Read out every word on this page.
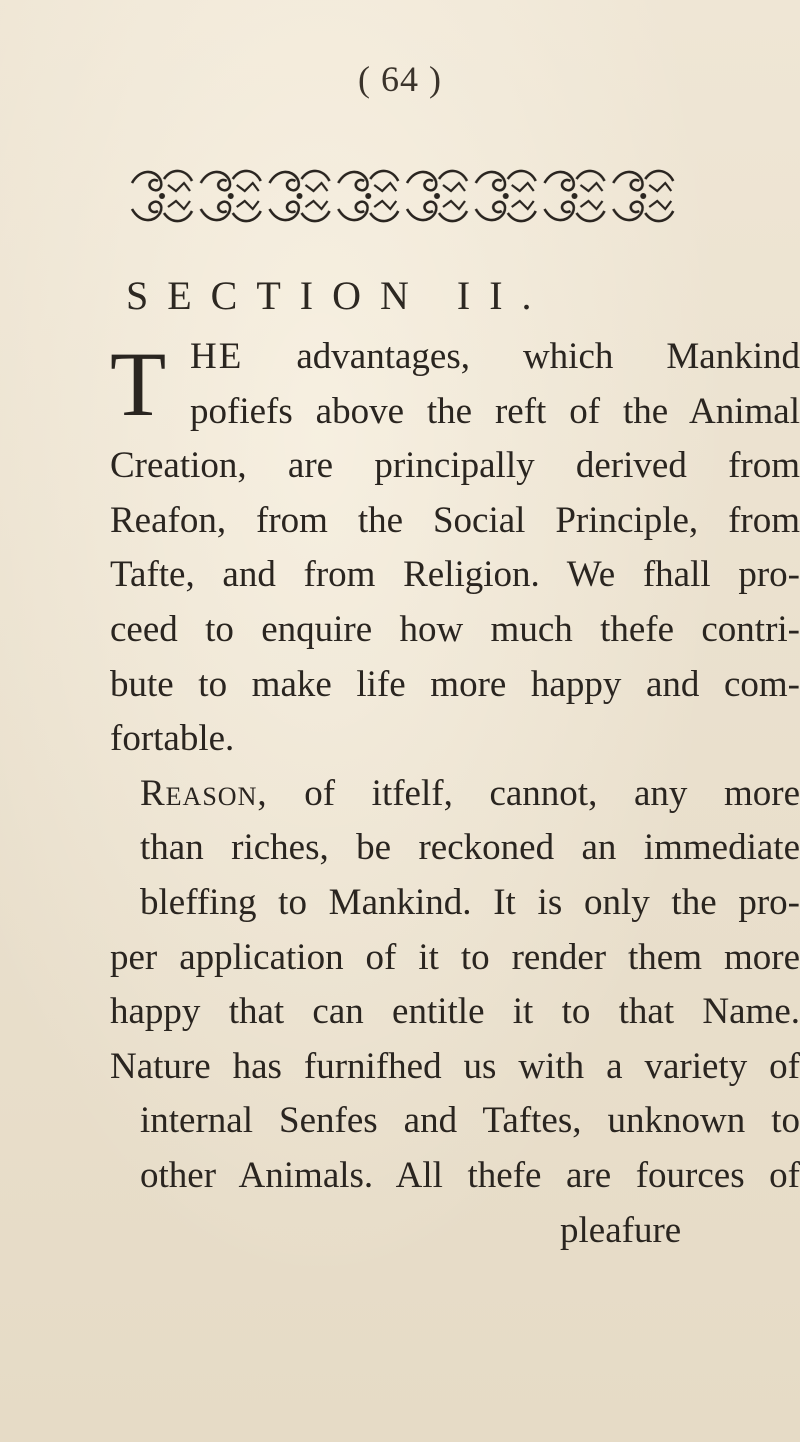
( 64 )
SECTION II.
T HE advantages, which Mankind
pofiefs above the reft of the Animal
Creation, are principally derived from
Reafon, from the Social Principle, from
Tafte, and from Religion. We fhall pro-
ceed to enquire how much thefe contri-
bute to make life more happy and com-
fortable.
Reason, of itfelf, cannot, any more
than riches, be reckoned an immediate
bleffing to Mankind. It is only the pro-
per application of it to render them more
happy that can entitle it to that Name.
Nature has furnifhed us with a variety of
internal Senfes and Taftes, unknown to
other Animals. All thefe are fources of
pleafure
